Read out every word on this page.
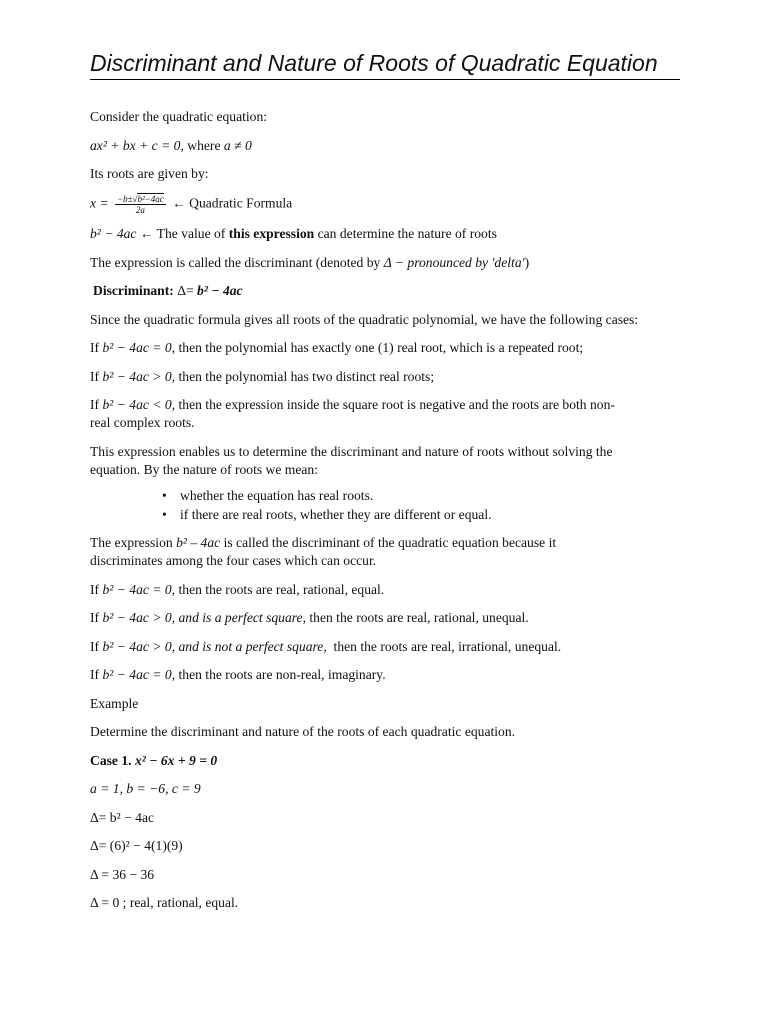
Discriminant and Nature of Roots of Quadratic Equation

Consider the quadratic equation:

ax² + bx + c = 0, where a ≠ 0

Its roots are given by:

$x = \frac{\text{−b±√b²−4ac}}{2a}$ ← Quadratic Formula

b² − 4ac ← The value of this expression can determine the nature of roots

The expression is called the discriminant (denoted by Δ − pronounced by ′delta′)

Discriminant: Δ= b² − 4ac

Since the quadratic formula gives all roots of the quadratic polynomial, we have the following cases:

If b² − 4ac = 0, then the polynomial has exactly one (1) real root, which is a repeated root;

If b² − 4ac > 0, then the polynomial has two distinct real roots;

If b² − 4ac < 0, then the expression inside the square root is negative and the roots are both non-
real complex roots.

This expression enables us to determine the discriminant and nature of roots without solving the
equation. By the nature of roots we mean:

• whether the equation has real roots.
• if there are real roots, whether they are different or equal.

The expression b² – 4ac is called the discriminant of the quadratic equation because it
discriminates among the four cases which can occur.

If b² − 4ac = 0, then the roots are real, rational, equal.

If b² − 4ac > 0, and is a perfect square, then the roots are real, rational, unequal.

If b² − 4ac > 0, and is not a perfect square,  then the roots are real, irrational, unequal.

If b² − 4ac = 0, then the roots are non-real, imaginary.

Example

Determine the discriminant and nature of the roots of each quadratic equation.

Case 1. x² − 6x + 9 = 0

a = 1, b = −6, c = 9

Δ= b² − 4ac

Δ= (6)² − 4(1)(9)

Δ = 36 − 36

Δ = 0 ; real, rational, equal.
